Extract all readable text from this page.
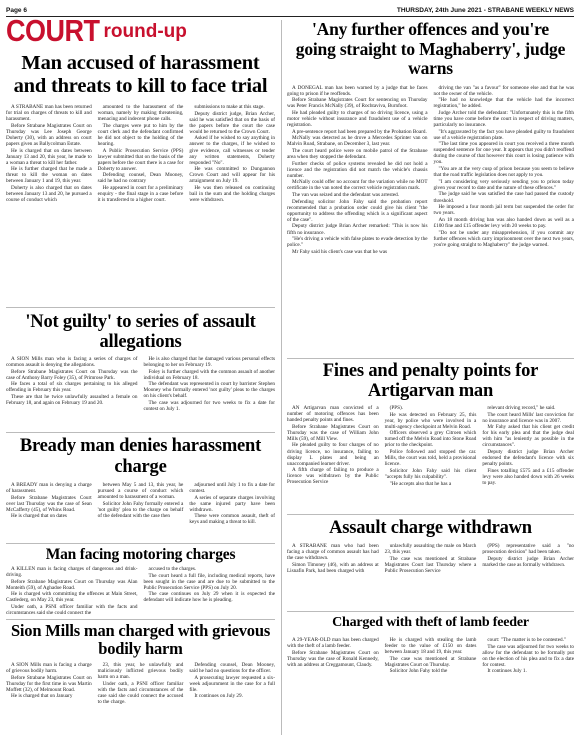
Page 6	THURSDAY, 24th June 2021 - STRABANE WEEKLY NEWS
COURT round-up
Man accused of harassment and threats to kill to face trial

A STRABANE man has been returned for trial on charges of threats to kill and harassment.

Before Strabane Magistrates Court on Thursday was Lee Joseph George Doherty (30), with an address on court papers given as Ballycolman Estate.

He is charged that on dates between January 13 and 20, this year, he made to a woman a threat to kill her father.

He is further charged that he made a threat to kill the woman on dates between January 1 and 19, this year.

Doherty is also charged that on dates between January 13 and 20, he pursued a course of conduct which

amounted to the harassment of the woman, namely by making threatening, menacing and indecent phone calls.

The charges were put to him by the court clerk and the defendant confirmed he did not object to the holding of the hearing.

A Public Prosecution Service (PPS) lawyer submitted that on the basis of the papers before the court there is a case for Doherty to answer.

Defending counsel, Dean Mooney, said he had no contrary

He appeared in court for a preliminary enquiry - the final stage in a case before it is transferred to a higher court.

submissions to make at this stage.

Deputy district judge, Brian Archer, said he was satisfied that on the basis of the papers before the court the case would be returned to the Crown Court.

Asked if he wished to say anything in answer to the charges, if he wished to give evidence, call witnesses or tender any written statements, Doherty responded "No".

He was committed to Dungannon Crown Court and will appear for his arraignment on July 19.

He was then released on continuing bail in the sum and the holding charges were withdrawn.

'Not guilty' to series of assault allegations

A SION Mills man who is facing a series of charges of common assault is denying the allegations.

Before Strabane Magistrates Court on Thursday was the case of Anthony Barry Foley (35), of Primrose Park.

He faces a total of six charges pertaining to his alleged offending in February this year.

These are that he twice unlawfully assaulted a female on February 18, and again on February 19 and 20.

He is also charged that he damaged various personal effects belonging to her on February 19.

Foley is further charged with the common assault of another individual on February 18.

The defendant was represented in court by barrister Stephen Mooney who formally entered 'not guilty' pleas to the charges on his client's behalf.

The case was adjourned for two weeks to fix a date for contest on July 1.

Bready man denies harassment charge

A BREADY man is denying a charge of harassment.

Before Strabane Magistrates Court over last Thursday was the case of Sean McCafferty (45), of Whins Road.

He is charged that on dates

between May 5 and 13, this year, he pursued a course of conduct which amounted to harassment of a woman.

Solicitor John Fahy formally entered a 'not guilty' plea to the charge on behalf of the defendant with the case then

adjourned until July 1 to fix a date for contest.

A series of separate charges involving the same injured party have been withdrawn.

These were common assault, theft of keys and making a threat to kill.

Man facing motoring charges

A KILLEN man is facing charges of dangerous and drink-driving.

Before Strabane Magistrates Court on Thursday was Alan Monteith (59), of Aghadoe Road.

He is charged with committing the offences at Main Street, Castlederg, on May 23, this year.

Under oath, a PSNI officer familiar with the facts and circumstances said she could connect the

accused to the charges.

The court heard a full file, including medical reports, have been sought in the case and are due to be submitted to the Public Prosecution Service (PPS) on July 20.

The case continues on July 29 when it is expected the defendant will indicate how he is pleading.

Sion Mills man charged with grievous bodily harm

A SION Mills man is facing a charge of grievous bodily harm.

Before Strabane Magistrates Court on Thursday for the first time in was Martin Moffett (32), of Melmount Road.

He is charged that on January

23, this year, he unlawfully and maliciously inflicted grievous bodily harm on a man.

Under oath, a PSNI officer familiar with the facts and circumstances of the case said she could connect the accused to the charge.

Defending counsel, Dean Mooney, said he had no questions for the officer.

A prosecuting lawyer requested a six-week adjournment in the case for a full file.

It continues on July 29.

'Any further offences and you're going straight to Maghaberry', judge warns

A DONEGAL man has been warned by a judge that he faces going to prison if he reoffends.

Before Strabane Magistrates Court for sentencing on Thursday was Peter Francis McNally (39), of Rochtaviva, Burnfoot.

He had pleaded guilty to charges of no driving licence, using a motor vehicle without insurance and fraudulent use of a vehicle registration.

A pre-sentence report had been prepared by the Probation Board.

McNally was detected as he drove a Mercedes Sprinter van on Malvin Road, Strabane, on December 3, last year.

The court heard police were on mobile patrol of the Strabane area when they stopped the defendant.

Further checks of police systems revealed he did not hold a licence and the registration did not match the vehicle's chassis number.

McNally could offer no account for the variation while no MOT certificate in the van noted the correct vehicle registration mark.

The van was seized and the defendant was arrested.

Defending solicitor John Fahy said the probation report recommended that a probation order could give his client "the opportunity to address the offending which is a significant aspect of the case".

Deputy district judge Brian Archer remarked: "This is now his fifth no insurance.

"He's driving a vehicle with false plates to evade detection by the police."

Mr Fahy said his client's case was that he was

driving the van "as a favour" for someone else and that he was not the owner of the vehicle.

"He had no knowledge that the vehicle had the incorrect registration," he added.

Judge Archer told the defendant: "Unfortunately this is the fifth time you have come before the court in respect of driving matters, particularly no insurance.

"It's aggravated by the fact you have pleaded guilty to fraudulent use of a vehicle registration plate.

"The last time you appeared in court you received a three month suspended sentence for one year. It appears that you didn't reoffend during the course of that however this court is losing patience with you.

"You are at the very cusp of prison because you seem to believe that the road traffic legislation does not apply to you.

"I am considering very seriously sending you to prison today given your record to date and the nature of these offences."

The judge said he was satisfied the case had passed the custody threshold.

He imposed a four month jail term but suspended the order for two years.

An 18 month driving ban was also handed down as well as a £100 fine and £15 offender levy with 20 weeks to pay.

"Do not be under any misapprehension, if you commit any further offences which carry imprisonment over the next two years, you're going straight to Maghaberry" the judge warned.

Fines and penalty points for Artigarvan man

AN Artigarvan man convicted of a number of motoring offences has been handed penalty points and fines.

Before Strabane Magistrates Court on Thursday was the case of William John Mills (59), of Mill View.

He pleaded guilty to four charges of no driving licence, no insurance, failing to display L plates and being an unaccompanied learner driver.

A fifth charge of failing to produce a licence was withdrawn by the Public Prosecution Service

(PPS).

He was detected on February 25, this year, by police who were involved in a multi-agency checkpoint at Melvin Road.

Officers observed a grey Citroen which turned off the Melvin Road into Stone Road prior to the checkpoint.

Police followed and stopped the car. Mills, the court was told, held a provisional licence.

Solicitor John Fahy said his client "accepts fully his culpability".

"He accepts also that he has a

relevant driving record," he said.

The court heard Mills' last conviction for no insurance and licence was in 2007.

Mr Fahy asked that his client get credit for his early plea and that the judge deal with him "as leniently as possible in the circumstances".

Deputy district judge Brian Archer endorsed the defendant's licence with six penalty points.

Fines totalling £575 and a £15 offender levy were also handed down with 26 weeks to pay.

Assault charge withdrawn

A STRABANE man who had been facing a charge of common assault has had the case withdrawn.

Simon Timoney (46), with an address at Lisnafin Park, had been charged with

unlawfully assaulting the male on March 23, this year.

The case was mentioned at Strabane Magistrates Court last Thursday where a Public Prosecution Service

(PPS) representative said a "no prosecution decision" had been taken.

Deputy district judge Brian Archer marked the case as formally withdrawn.

Charged with theft of lamb feeder

A 29-YEAR-OLD man has been charged with the theft of a lamb feeder.

Before Strabane Magistrates Court on Thursday was the case of Ronald Kennedy, with an address at Creggamount, Claudy.

He is charged with stealing the lamb feeder to the value of £150 on dates between January 18 and 19, this year.

The case was mentioned at Strabane Magistrates Court on Thursday.

Solicitor John Fahy told the

court: "The matter is to be contested."

The case was adjourned for two weeks to allow for the defendant to be formally put on the election of his plea and to fix a date for contest.

It continues July 1.
